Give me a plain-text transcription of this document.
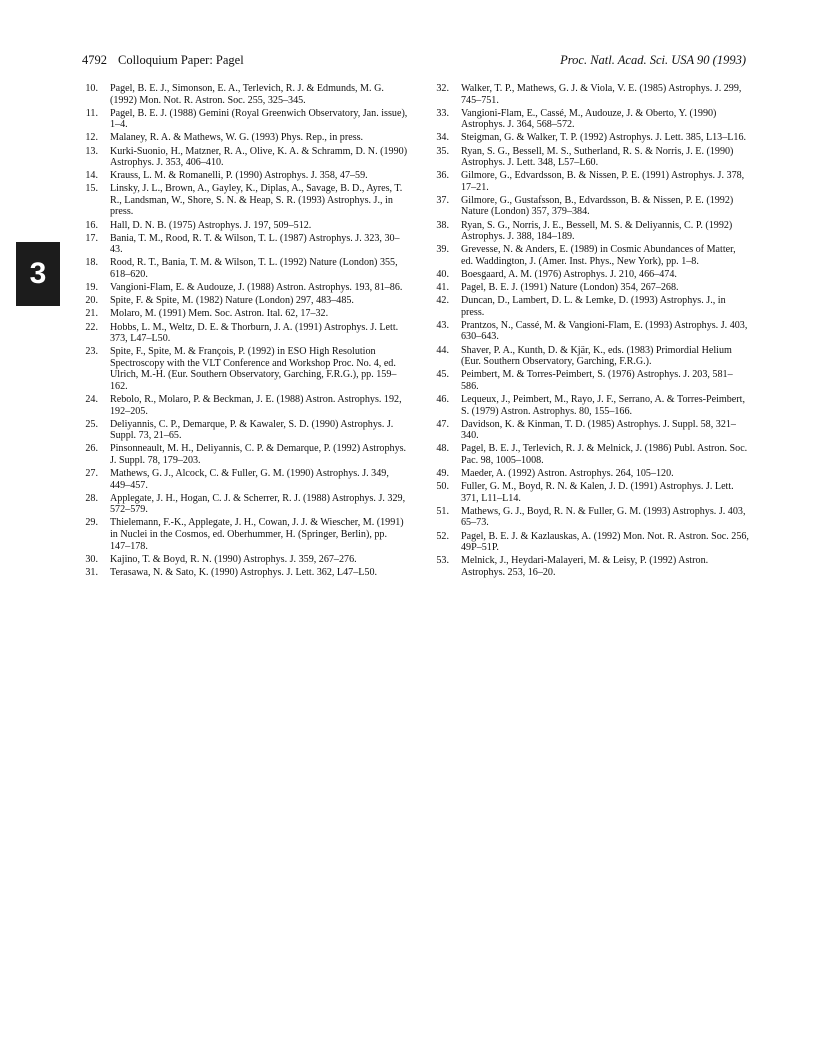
4792 Colloquium Paper: Pagel	Proc. Natl. Acad. Sci. USA 90 (1993)
3
10. Pagel, B. E. J., Simonson, E. A., Terlevich, R. J. & Edmunds, M. G. (1992) Mon. Not. R. Astron. Soc. 255, 325–345.
11. Pagel, B. E. J. (1988) Gemini (Royal Greenwich Observatory, Jan. issue), 1–4.
12. Malaney, R. A. & Mathews, W. G. (1993) Phys. Rep., in press.
13. Kurki-Suonio, H., Matzner, R. A., Olive, K. A. & Schramm, D. N. (1990) Astrophys. J. 353, 406–410.
14. Krauss, L. M. & Romanelli, P. (1990) Astrophys. J. 358, 47–59.
15. Linsky, J. L., Brown, A., Gayley, K., Diplas, A., Savage, B. D., Ayres, T. R., Landsman, W., Shore, S. N. & Heap, S. R. (1993) Astrophys. J., in press.
16. Hall, D. N. B. (1975) Astrophys. J. 197, 509–512.
17. Bania, T. M., Rood, R. T. & Wilson, T. L. (1987) Astrophys. J. 323, 30–43.
18. Rood, R. T., Bania, T. M. & Wilson, T. L. (1992) Nature (London) 355, 618–620.
19. Vangioni-Flam, E. & Audouze, J. (1988) Astron. Astrophys. 193, 81–86.
20. Spite, F. & Spite, M. (1982) Nature (London) 297, 483–485.
21. Molaro, M. (1991) Mem. Soc. Astron. Ital. 62, 17–32.
22. Hobbs, L. M., Weltz, D. E. & Thorburn, J. A. (1991) Astrophys. J. Lett. 373, L47–L50.
23. Spite, F., Spite, M. & François, P. (1992) in ESO High Resolution Spectroscopy with the VLT Conference and Workshop Proc. No. 4, ed. Ulrich, M.-H. (Eur. Southern Observatory, Garching, F.R.G.), pp. 159–162.
24. Rebolo, R., Molaro, P. & Beckman, J. E. (1988) Astron. Astrophys. 192, 192–205.
25. Deliyannis, C. P., Demarque, P. & Kawaler, S. D. (1990) Astrophys. J. Suppl. 73, 21–65.
26. Pinsonneault, M. H., Deliyannis, C. P. & Demarque, P. (1992) Astrophys. J. Suppl. 78, 179–203.
27. Mathews, G. J., Alcock, C. & Fuller, G. M. (1990) Astrophys. J. 349, 449–457.
28. Applegate, J. H., Hogan, C. J. & Scherrer, R. J. (1988) Astrophys. J. 329, 572–579.
29. Thielemann, F.-K., Applegate, J. H., Cowan, J. J. & Wiescher, M. (1991) in Nuclei in the Cosmos, ed. Oberhummer, H. (Springer, Berlin), pp. 147–178.
30. Kajino, T. & Boyd, R. N. (1990) Astrophys. J. 359, 267–276.
31. Terasawa, N. & Sato, K. (1990) Astrophys. J. Lett. 362, L47–L50.
32. Walker, T. P., Mathews, G. J. & Viola, V. E. (1985) Astrophys. J. 299, 745–751.
33. Vangioni-Flam, E., Cassé, M., Audouze, J. & Oberto, Y. (1990) Astrophys. J. 364, 568–572.
34. Steigman, G. & Walker, T. P. (1992) Astrophys. J. Lett. 385, L13–L16.
35. Ryan, S. G., Bessell, M. S., Sutherland, R. S. & Norris, J. E. (1990) Astrophys. J. Lett. 348, L57–L60.
36. Gilmore, G., Edvardsson, B. & Nissen, P. E. (1991) Astrophys. J. 378, 17–21.
37. Gilmore, G., Gustafsson, B., Edvardsson, B. & Nissen, P. E. (1992) Nature (London) 357, 379–384.
38. Ryan, S. G., Norris, J. E., Bessell, M. S. & Deliyannis, C. P. (1992) Astrophys. J. 388, 184–189.
39. Grevesse, N. & Anders, E. (1989) in Cosmic Abundances of Matter, ed. Waddington, J. (Amer. Inst. Phys., New York), pp. 1–8.
40. Boesgaard, A. M. (1976) Astrophys. J. 210, 466–474.
41. Pagel, B. E. J. (1991) Nature (London) 354, 267–268.
42. Duncan, D., Lambert, D. L. & Lemke, D. (1993) Astrophys. J., in press.
43. Prantzos, N., Cassé, M. & Vangioni-Flam, E. (1993) Astrophys. J. 403, 630–643.
44. Shaver, P. A., Kunth, D. & Kjär, K., eds. (1983) Primordial Helium (Eur. Southern Observatory, Garching, F.R.G.).
45. Peimbert, M. & Torres-Peimbert, S. (1976) Astrophys. J. 203, 581–586.
46. Lequeux, J., Peimbert, M., Rayo, J. F., Serrano, A. & Torres-Peimbert, S. (1979) Astron. Astrophys. 80, 155–166.
47. Davidson, K. & Kinman, T. D. (1985) Astrophys. J. Suppl. 58, 321–340.
48. Pagel, B. E. J., Terlevich, R. J. & Melnick, J. (1986) Publ. Astron. Soc. Pac. 98, 1005–1008.
49. Maeder, A. (1992) Astron. Astrophys. 264, 105–120.
50. Fuller, G. M., Boyd, R. N. & Kalen, J. D. (1991) Astrophys. J. Lett. 371, L11–L14.
51. Mathews, G. J., Boyd, R. N. & Fuller, G. M. (1993) Astrophys. J. 403, 65–73.
52. Pagel, B. E. J. & Kazlauskas, A. (1992) Mon. Not. R. Astron. Soc. 256, 49P–51P.
53. Melnick, J., Heydari-Malayeri, M. & Leisy, P. (1992) Astron. Astrophys. 253, 16–20.
